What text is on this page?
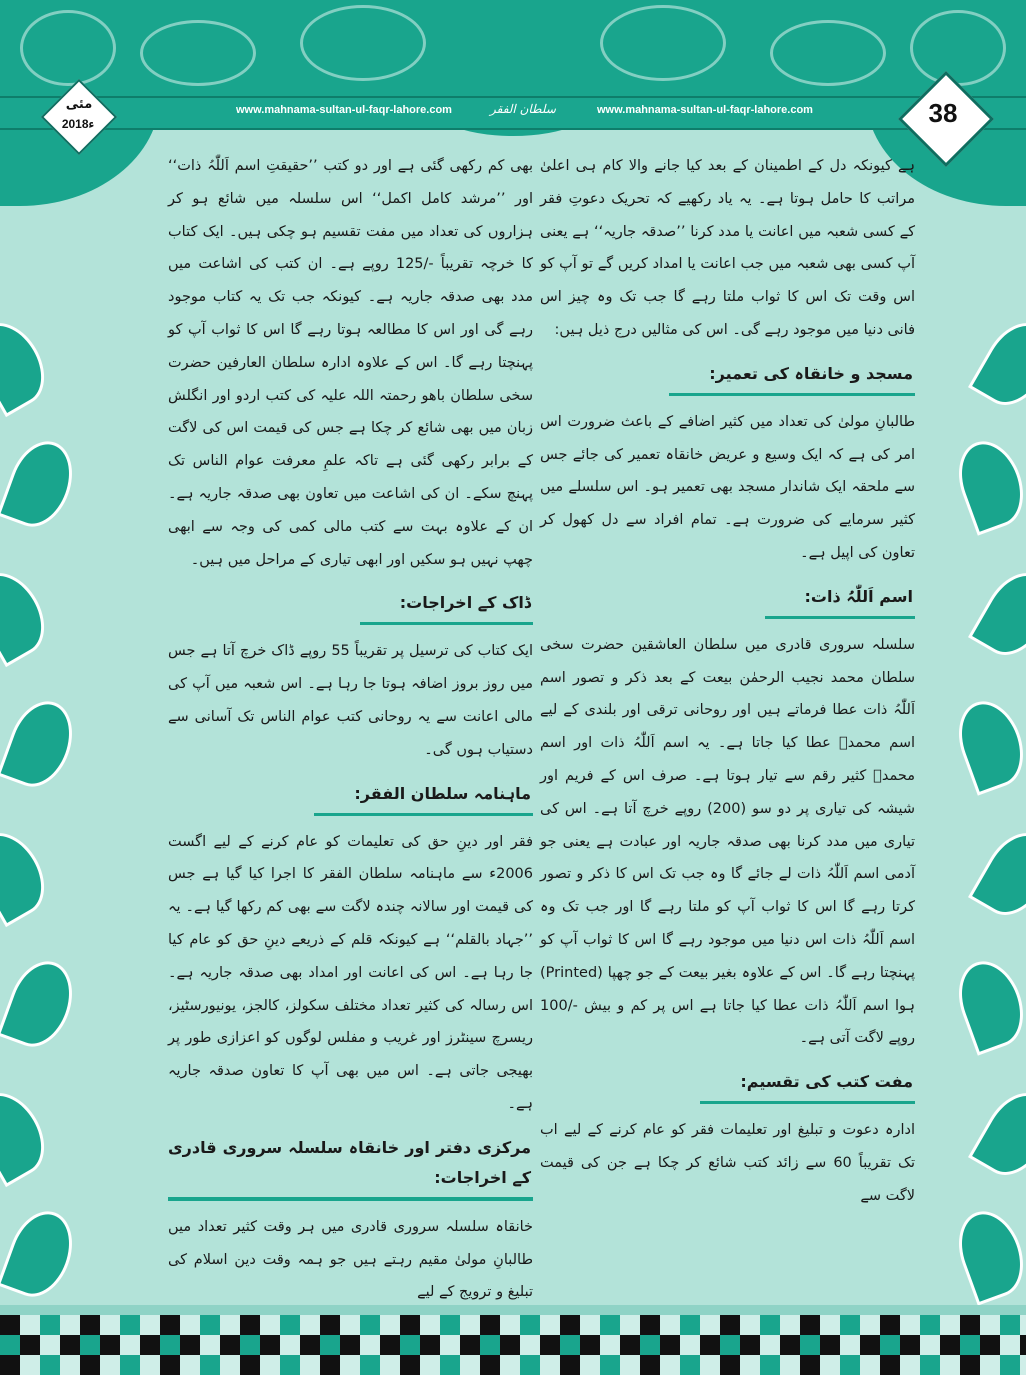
www.mahnama-sultan-ul-faqr-lahore.com	سلطان الفقر	www.mahnama-sultan-ul-faqr-lahore.com
مئی
2018ء	38

ہے کیونکہ دل کے اطمینان کے بعد کیا جانے والا کام ہی اعلیٰ مراتب کا حامل ہوتا ہے۔ یہ یاد رکھیے کہ تحریک دعوتِ فقر کے کسی شعبہ میں اعانت یا مدد کرنا ’’صدقہ جاریہ‘‘ ہے یعنی آپ کسی بھی شعبہ میں جب اعانت یا امداد کریں گے تو آپ کو اس وقت تک اس کا ثواب ملتا رہے گا جب تک وہ چیز اس فانی دنیا میں موجود رہے گی۔ اس کی مثالیں درج ذیل ہیں:

مسجد و خانقاہ کی تعمیر:

طالبانِ مولیٰ کی تعداد میں کثیر اضافے کے باعث ضرورت اس امر کی ہے کہ ایک وسیع و عریض خانقاہ تعمیر کی جائے جس سے ملحقہ ایک شاندار مسجد بھی تعمیر ہو۔ اس سلسلے میں کثیر سرمایے کی ضرورت ہے۔ تمام افراد سے دل کھول کر تعاون کی اپیل ہے۔

اسم اَللّٰہُ ذات:

سلسلہ سروری قادری میں سلطان العاشقین حضرت سخی سلطان محمد نجیب الرحمٰن بیعت کے بعد ذکر و تصور اسم اَللّٰہُ ذات عطا فرماتے ہیں اور روحانی ترقی اور بلندی کے لیے اسم محمدؐ عطا کیا جاتا ہے۔ یہ اسم اَللّٰہُ ذات اور اسم محمدؐ کثیر رقم سے تیار ہوتا ہے۔ صرف اس کے فریم اور شیشہ کی تیاری پر دو سو (200) روپے خرچ آتا ہے۔ اس کی تیاری میں مدد کرنا بھی صدقہ جاریہ اور عبادت ہے یعنی جو آدمی اسم اَللّٰہُ ذات لے جائے گا وہ جب تک اس کا ذکر و تصور کرتا رہے گا اس کا ثواب آپ کو ملتا رہے گا اور جب تک وہ اسم اَللّٰہُ ذات اس دنیا میں موجود رہے گا اس کا ثواب آپ کو پہنچتا رہے گا۔ اس کے علاوہ بغیر بیعت کے جو چھپا (Printed) ہوا اسم اَللّٰہُ ذات عطا کیا جاتا ہے اس پر کم و بیش -/100 روپے لاگت آتی ہے۔

مفت کتب کی تقسیم:

ادارہ دعوت و تبلیغ اور تعلیمات فقر کو عام کرنے کے لیے اب تک تقریباً 60 سے زائد کتب شائع کر چکا ہے جن کی قیمت لاگت سے

بھی کم رکھی گئی ہے اور دو کتب ’’حقیقتِ اسم اَللّٰہُ ذات‘‘ اور ’’مرشد کامل اکمل‘‘ اس سلسلہ میں شائع ہو کر ہزاروں کی تعداد میں مفت تقسیم ہو چکی ہیں۔ ایک کتاب کا خرچہ تقریباً -/125 روپے ہے۔ ان کتب کی اشاعت میں مدد بھی صدقہ جاریہ ہے۔ کیونکہ جب تک یہ کتاب موجود رہے گی اور اس کا مطالعہ ہوتا رہے گا اس کا ثواب آپ کو پہنچتا رہے گا۔ اس کے علاوہ ادارہ سلطان العارفین حضرت سخی سلطان باھو رحمتہ اللہ علیہ کی کتب اردو اور انگلش زبان میں بھی شائع کر چکا ہے جس کی قیمت اس کی لاگت کے برابر رکھی گئی ہے تاکہ علمِ معرفت عوام الناس تک پہنچ سکے۔ ان کی اشاعت میں تعاون بھی صدقہ جاریہ ہے۔ ان کے علاوہ بہت سے کتب مالی کمی کی وجہ سے ابھی چھپ نہیں ہو سکیں اور ابھی تیاری کے مراحل میں ہیں۔

ڈاک کے اخراجات:

ایک کتاب کی ترسیل پر تقریباً 55 روپے ڈاک خرچ آتا ہے جس میں روز بروز اضافہ ہوتا جا رہا ہے۔ اس شعبہ میں آپ کی مالی اعانت سے یہ روحانی کتب عوام الناس تک آسانی سے دستیاب ہوں گی۔

ماہنامہ سلطان الفقر:

فقر اور دینِ حق کی تعلیمات کو عام کرنے کے لیے اگست 2006ء سے ماہنامہ سلطان الفقر کا اجرا کیا گیا ہے جس کی قیمت اور سالانہ چندہ لاگت سے بھی کم رکھا گیا ہے۔ یہ ’’جہاد بالقلم‘‘ ہے کیونکہ قلم کے ذریعے دینِ حق کو عام کیا جا رہا ہے۔ اس کی اعانت اور امداد بھی صدقہ جاریہ ہے۔ اس رسالہ کی کثیر تعداد مختلف سکولز، کالجز، یونیورسٹیز، ریسرچ سینٹرز اور غریب و مفلس لوگوں کو اعزازی طور پر بھیجی جاتی ہے۔ اس میں بھی آپ کا تعاون صدقہ جاریہ ہے۔

مرکزی دفتر اور خانقاہ سلسلہ سروری قادری کے اخراجات:

خانقاہ سلسلہ سروری قادری میں ہر وقت کثیر تعداد میں طالبانِ مولیٰ مقیم رہتے ہیں جو ہمہ وقت دین اسلام کی تبلیغ و ترویج کے لیے
